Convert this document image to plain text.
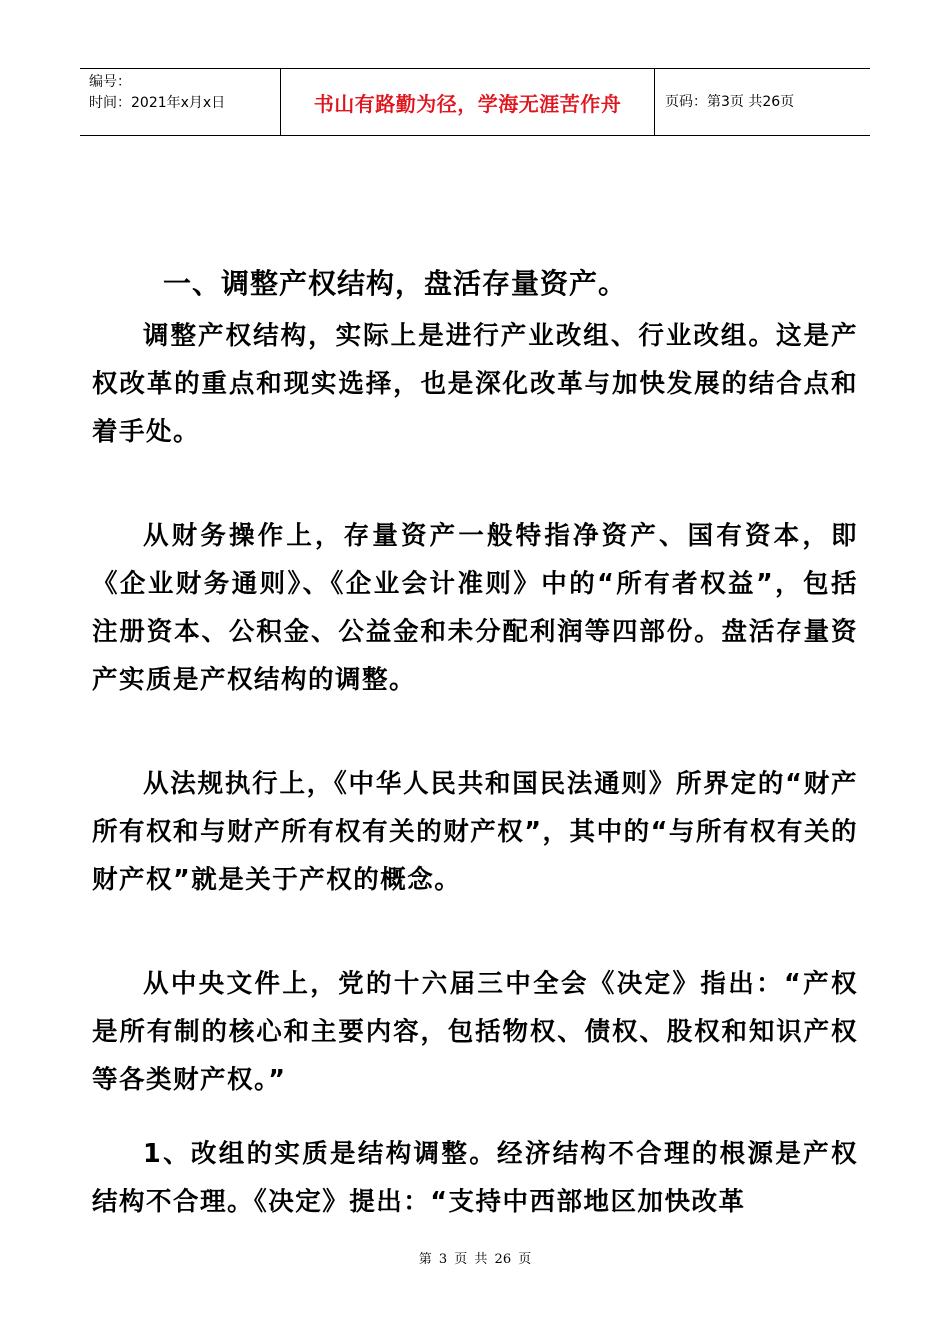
编号：
时间：2021年x月x日	书山有路勤为径，学海无涯苦作舟	页码：第3页 共26页
一、调整产权结构，盘活存量资产。
调整产权结构，实际上是进行产业改组、行业改组。这是产权改革的重点和现实选择，也是深化改革与加快发展的结合点和着手处。
从财务操作上，存量资产一般特指净资产、国有资本，即《企业财务通则》、《企业会计准则》中的“所有者权益”，包括注册资本、公积金、公益金和未分配利润等四部份。盘活存量资产实质是产权结构的调整。
从法规执行上，《中华人民共和国民法通则》所界定的“财产所有权和与财产所有权有关的财产权”，其中的“与所有权有关的财产权”就是关于产权的概念。
从中央文件上，党的十六届三中全会《决定》指出：“产权是所有制的核心和主要内容，包括物权、债权、股权和知识产权等各类财产权。”
1、改组的实质是结构调整。经济结构不合理的根源是产权结构不合理。《决定》提出：“支持中西部地区加快改革
第 3 页 共 26 页
